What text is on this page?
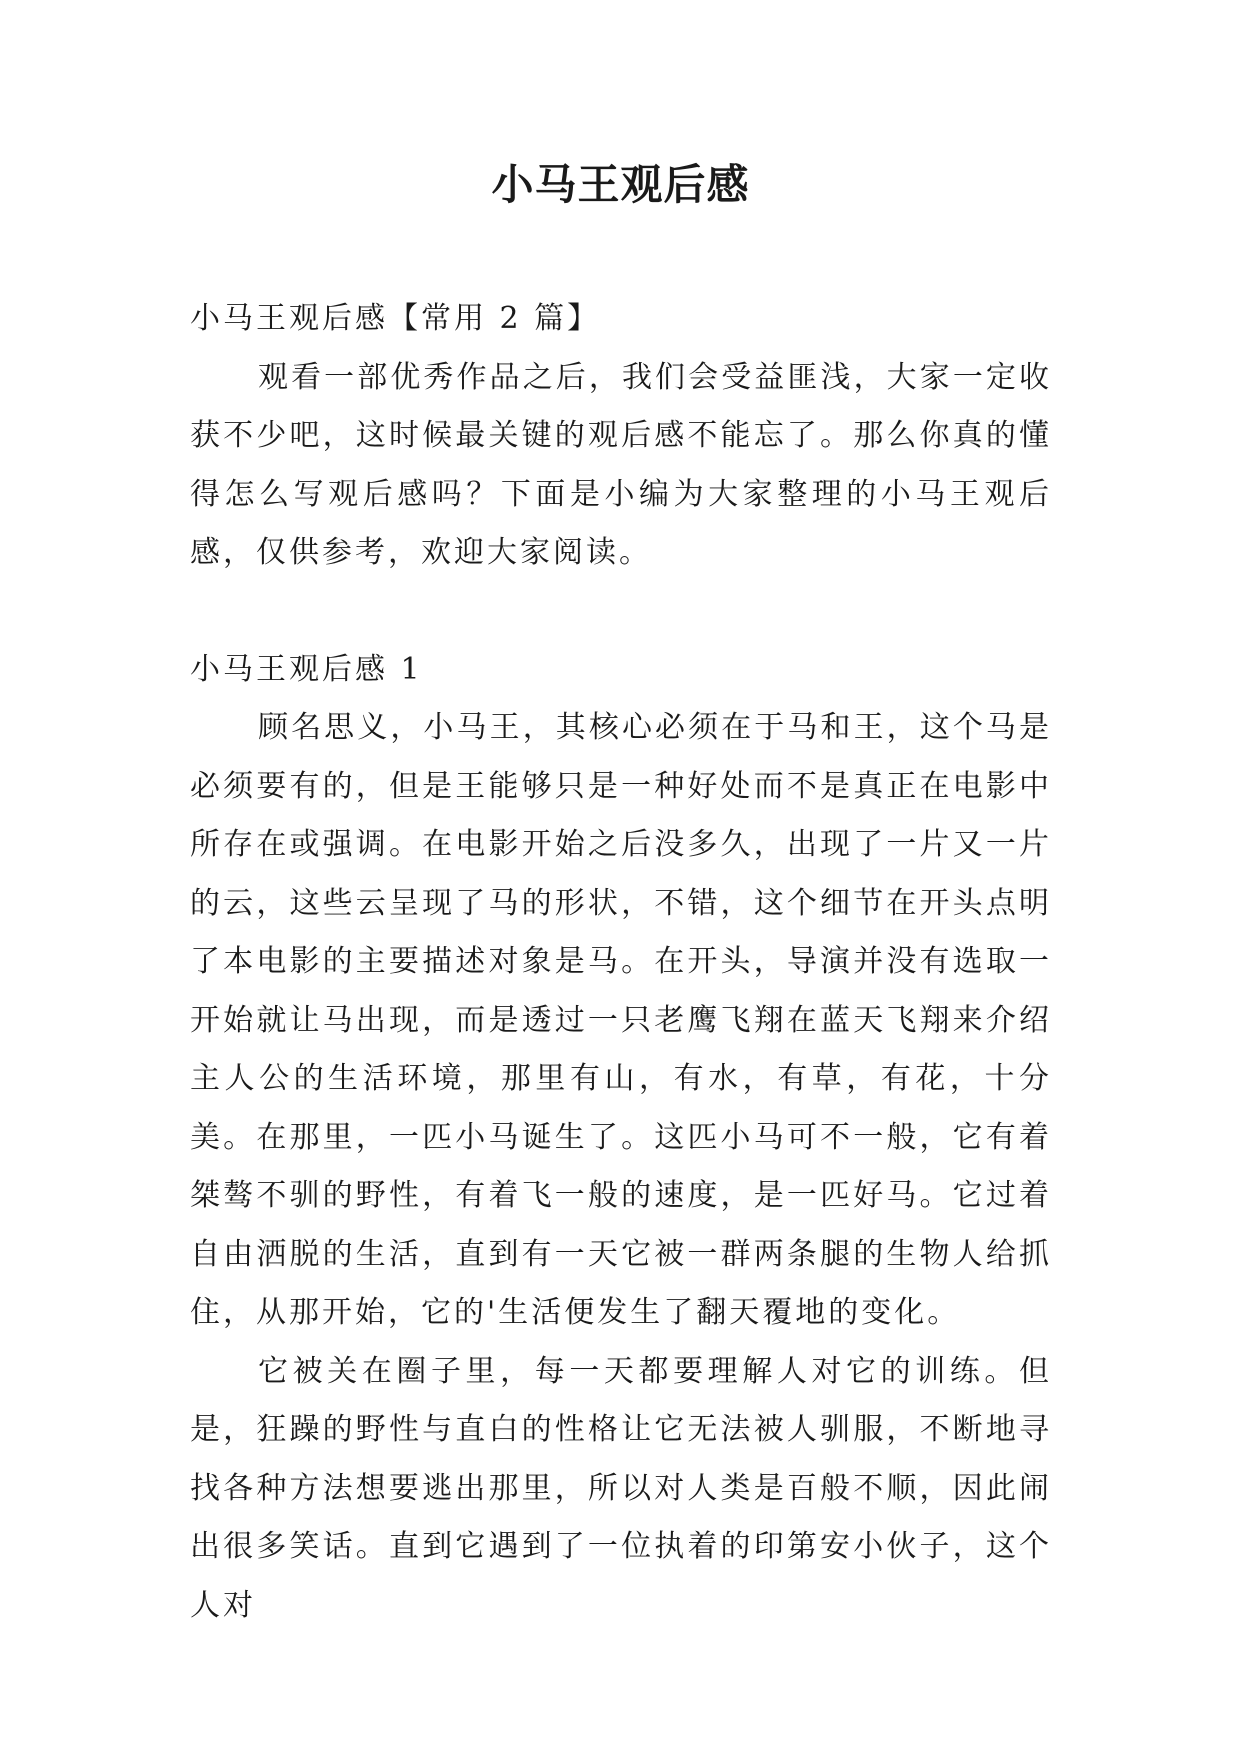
小马王观后感

小马王观后感【常用 2 篇】

观看一部优秀作品之后，我们会受益匪浅，大家一定收获不少吧，这时候最关键的观后感不能忘了。那么你真的懂得怎么写观后感吗？下面是小编为大家整理的小马王观后感，仅供参考，欢迎大家阅读。

小马王观后感 1

顾名思义，小马王，其核心必须在于马和王，这个马是必须要有的，但是王能够只是一种好处而不是真正在电影中所存在或强调。在电影开始之后没多久，出现了一片又一片的云，这些云呈现了马的形状，不错，这个细节在开头点明了本电影的主要描述对象是马。在开头，导演并没有选取一开始就让马出现，而是透过一只老鹰飞翔在蓝天飞翔来介绍主人公的生活环境，那里有山，有水，有草，有花，十分美。在那里，一匹小马诞生了。这匹小马可不一般，它有着桀骜不驯的野性，有着飞一般的速度，是一匹好马。它过着自由洒脱的生活，直到有一天它被一群两条腿的生物人给抓住，从那开始，它的'生活便发生了翻天覆地的变化。

它被关在圈子里，每一天都要理解人对它的训练。但是，狂躁的野性与直白的性格让它无法被人驯服，不断地寻找各种方法想要逃出那里，所以对人类是百般不顺，因此闹出很多笑话。直到它遇到了一位执着的印第安小伙子，这个人对
